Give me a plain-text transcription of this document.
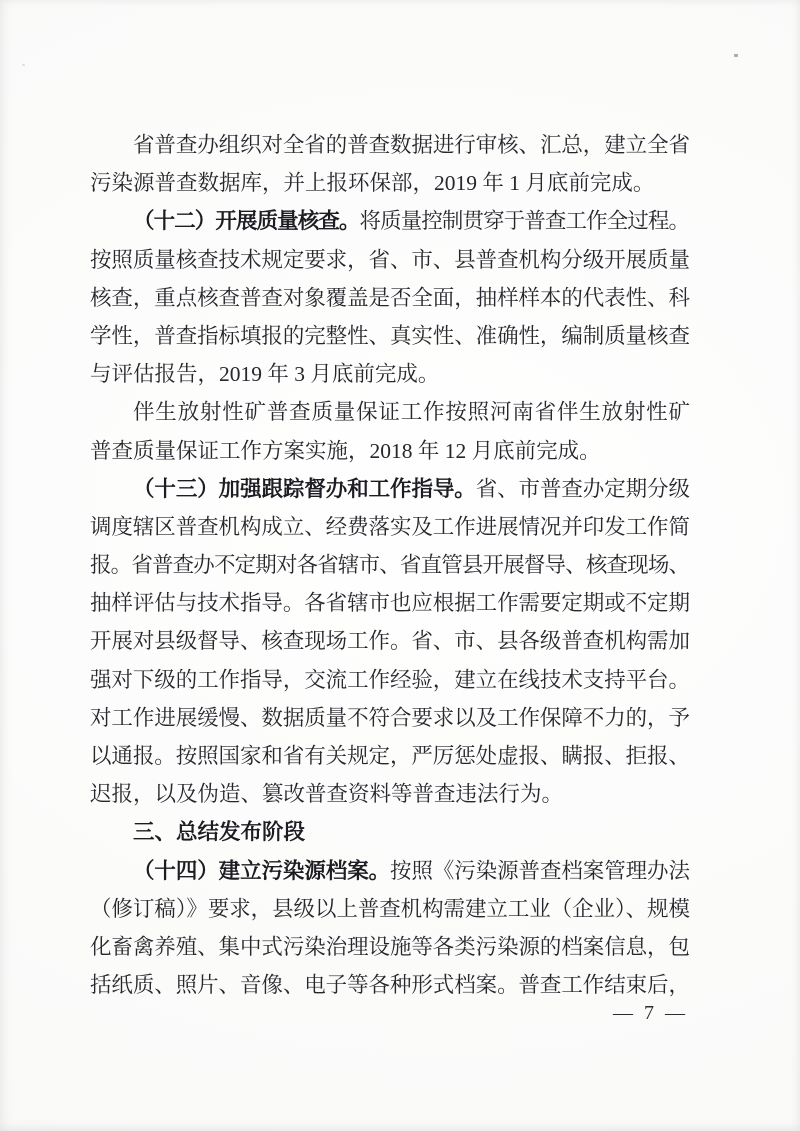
省普查办组织对全省的普查数据进行审核、汇总，建立全省
污染源普查数据库，并上报环保部，2019 年 1 月底前完成。
（十二）开展质量核查。将质量控制贯穿于普查工作全过程。
按照质量核查技术规定要求，省、市、县普查机构分级开展质量
核查，重点核查普查对象覆盖是否全面，抽样样本的代表性、科
学性，普查指标填报的完整性、真实性、准确性，编制质量核查
与评估报告，2019 年 3 月底前完成。
伴生放射性矿普查质量保证工作按照河南省伴生放射性矿
普查质量保证工作方案实施，2018 年 12 月底前完成。
（十三）加强跟踪督办和工作指导。省、市普查办定期分级
调度辖区普查机构成立、经费落实及工作进展情况并印发工作简
报。省普查办不定期对各省辖市、省直管县开展督导、核查现场、
抽样评估与技术指导。各省辖市也应根据工作需要定期或不定期
开展对县级督导、核查现场工作。省、市、县各级普查机构需加
强对下级的工作指导，交流工作经验，建立在线技术支持平台。
对工作进展缓慢、数据质量不符合要求以及工作保障不力的，予
以通报。按照国家和省有关规定，严厉惩处虚报、瞒报、拒报、
迟报，以及伪造、篡改普查资料等普查违法行为。
三、总结发布阶段
（十四）建立污染源档案。按照《污染源普查档案管理办法
（修订稿）》要求，县级以上普查机构需建立工业（企业）、规模
化畜禽养殖、集中式污染治理设施等各类污染源的档案信息，包
括纸质、照片、音像、电子等各种形式档案。普查工作结束后，
— 7 —
